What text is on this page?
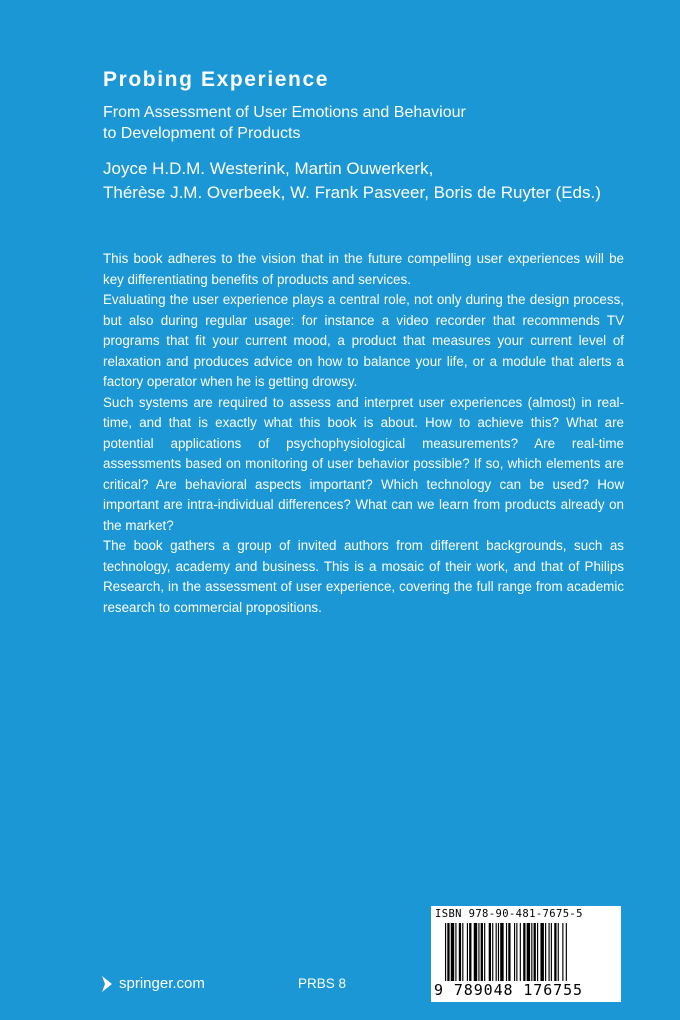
Probing Experience
From Assessment of User Emotions and Behaviour
to Development of Products
Joyce H.D.M. Westerink, Martin Ouwerkerk,
Thérèse J.M. Overbeek, W. Frank Pasveer, Boris de Ruyter (Eds.)

This book adheres to the vision that in the future compelling user experiences will be key differentiating benefits of products and services.

Evaluating the user experience plays a central role, not only during the design process, but also during regular usage: for instance a video recorder that recommends TV programs that fit your current mood, a product that measures your current level of relaxation and produces advice on how to balance your life, or a module that alerts a factory operator when he is getting drowsy.

Such systems are required to assess and interpret user experiences (almost) in real-time, and that is exactly what this book is about. How to achieve this? What are potential applications of psychophysiological measurements? Are real-time assessments based on monitoring of user behavior possible? If so, which elements are critical? Are behavioral aspects important? Which technology can be used? How important are intra-individual differences? What can we learn from products already on the market?

The book gathers a group of invited authors from different backgrounds, such as technology, academy and business. This is a mosaic of their work, and that of Philips Research, in the assessment of user experience, covering the full range from academic research to commercial propositions.

springer.com	PRBS 8
ISBN 978-90-481-7675-5
9 789048 176755
